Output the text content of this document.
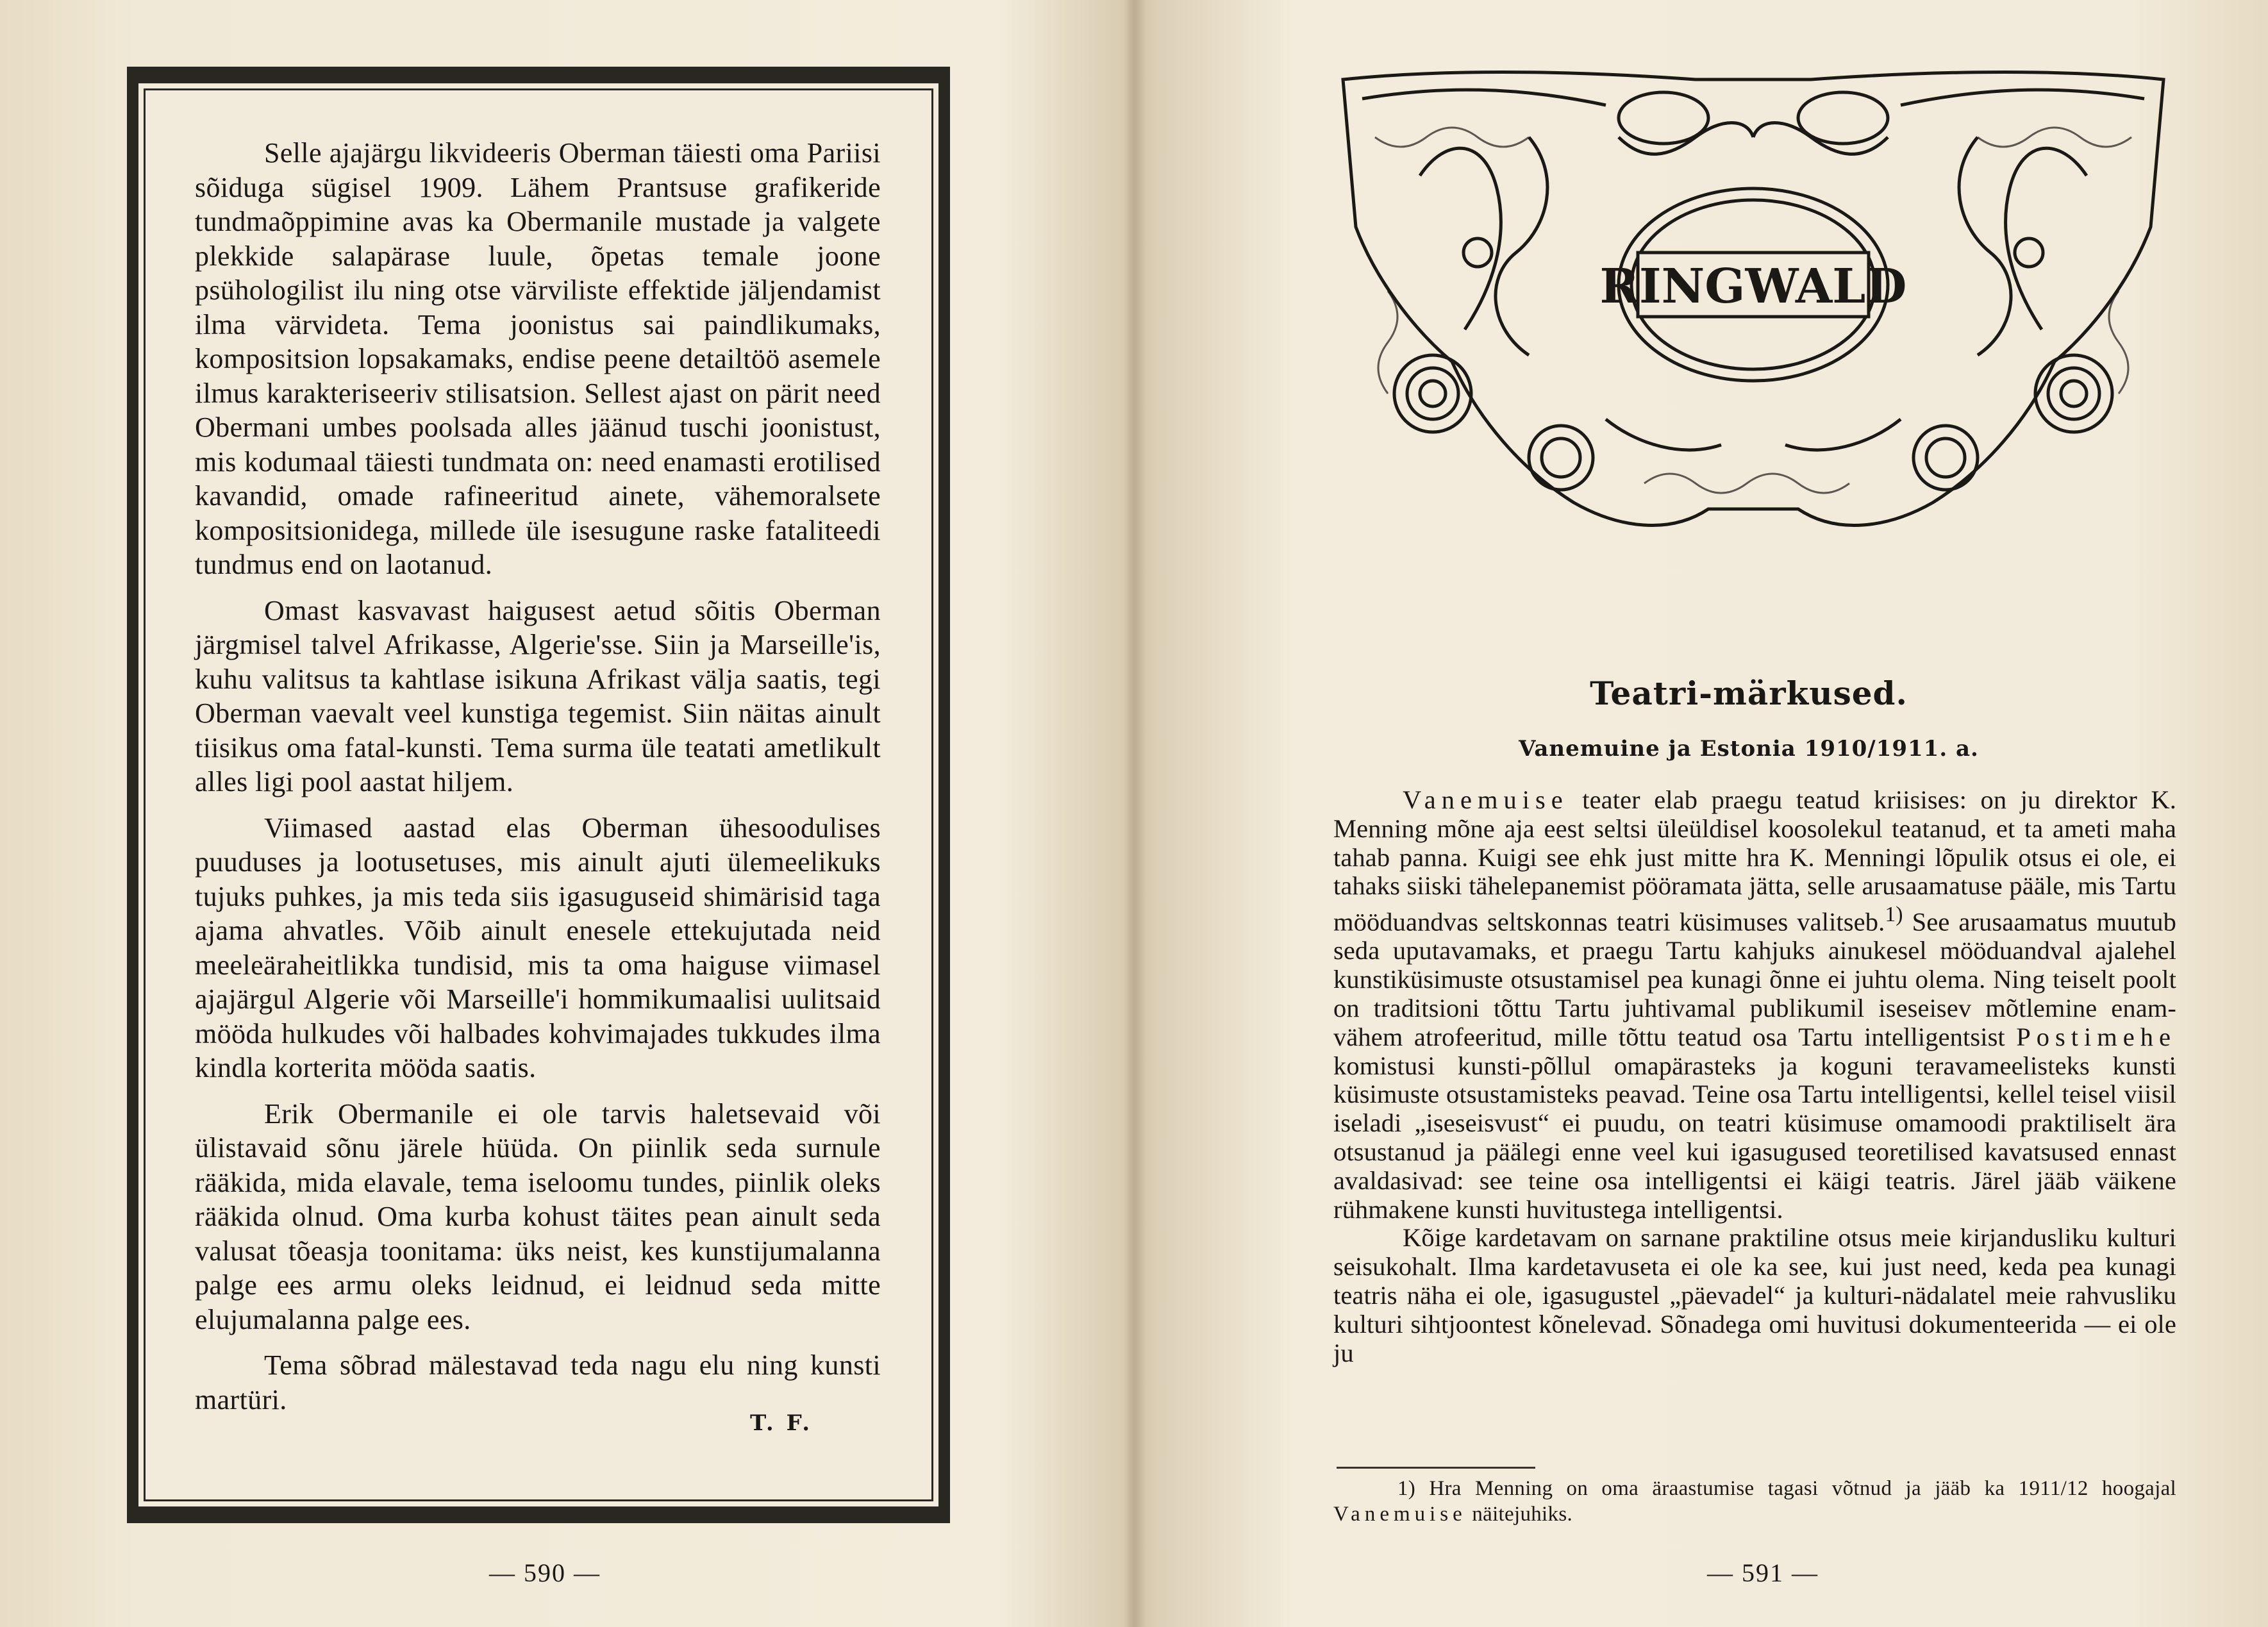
Selle ajajärgu likvideeris Oberman täiesti oma Pariisi sõiduga sügisel 1909. Lähem Prantsuse grafikeride tundmaõppimine avas ka Obermanile mustade ja valgete plekkide salapärase luule, õpetas temale joone psühologilist ilu ning otse värviliste effektide jäljendamist ilma värvideta. Tema joonistus sai paindlikumaks, kompositsion lopsakamaks, endise peene detailtöö asemele ilmus karakteriseeriv stilisatsion. Sellest ajast on pärit need Obermani umbes poolsada alles jäänud tuschi joonistust, mis kodumaal täiesti tundmata on: need enamasti erotilised kavandid, omade rafineeritud ainete, vähemoralsete kompositsionidega, millede üle isesugune raske fataliteedi tundmus end on laotanud.

Omast kasvavast haigusest aetud sõitis Oberman järgmisel talvel Afrikasse, Algerie'sse. Siin ja Marseille'is, kuhu valitsus ta kahtlase isikuna Afrikast välja saatis, tegi Oberman vaevalt veel kunstiga tegemist. Siin näitas ainult tiisikus oma fatal-kunsti. Tema surma üle teatati ametlikult alles ligi pool aastat hiljem.

Viimased aastad elas Oberman ühesoodulises puuduses ja lootusetuses, mis ainult ajuti ülemeelikuks tujuks puhkes, ja mis teda siis igasuguseid shimärisid taga ajama ahvatles. Võib ainult enesele ettekujutada neid meeleäraheitlikka tundisid, mis ta oma haiguse viimasel ajajärgul Algerie või Marseille'i hommikumaalisi uulitsaid mööda hulkudes või halbades kohvimajades tukkudes ilma kindla korterita mööda saatis.

Erik Obermanile ei ole tarvis haletsevaid või ülistavaid sõnu järele hüüda. On piinlik seda surnule rääkida, mida elavale, tema iseloomu tundes, piinlik oleks rääkida olnud. Oma kurba kohust täites pean ainult seda valusat tõeasja toonitama: üks neist, kes kunstijumalanna palge ees armu oleks leidnud, ei leidnud seda mitte elujumalanna palge ees.

Tema sõbrad mälestavad teda nagu elu ning kunsti martüri.

T. F.
— 590 —
RINGWALD
Teatri-märkused.
Vanemuine ja Estonia 1910/1911. a.

Vanemuise teater elab praegu teatud kriisises: on ju direktor K. Menning mõne aja eest seltsi üleüldisel koosolekul teatanud, et ta ameti maha tahab panna. Kuigi see ehk just mitte hra K. Menningi lõpulik otsus ei ole, ei tahaks siiski tähelepanemist pööramata jätta, selle arusaamatuse pääle, mis Tartu mööduandvas seltskonnas teatri küsimuses valitseb.$^{1)}$ See arusaamatus muutub seda uputavamaks, et praegu Tartu kahjuks ainukesel mööduandval ajalehel kunstiküsimuste otsustamisel pea kunagi õnne ei juhtu olema. Ning teiselt poolt on traditsioni tõttu Tartu juhtivamal publikumil iseseisev mõtlemine enam-vähem atrofeeritud, mille tõttu teatud osa Tartu intelligentsist Postimehe komistusi kunsti-põllul omapärasteks ja koguni teravameelisteks kunsti küsimuste otsustamisteks peavad. Teine osa Tartu intelligentsi, kellel teisel viisil iseladi „iseseisvust“ ei puudu, on teatri küsimuse omamoodi praktiliselt ära otsustanud ja päälegi enne veel kui igasugused teoretilised kavatsused ennast avaldasivad: see teine osa intelligentsi ei käigi teatris. Järel jääb väikene rühmakene kunsti huvitustega intelligentsi.

Kõige kardetavam on sarnane praktiline otsus meie kirjandusliku kulturi seisukohalt. Ilma kardetavuseta ei ole ka see, kui just need, keda pea kunagi teatris näha ei ole, igasugustel „päevadel“ ja kulturi-nädalatel meie rahvusliku kulturi sihtjoontest kõnelevad. Sõnadega omi huvitusi dokumenteerida — ei ole ju

1) Hra Menning on oma äraastumise tagasi võtnud ja jääb ka 1911/12 hoogajal Vanemuise näitejuhiks.

— 591 —
